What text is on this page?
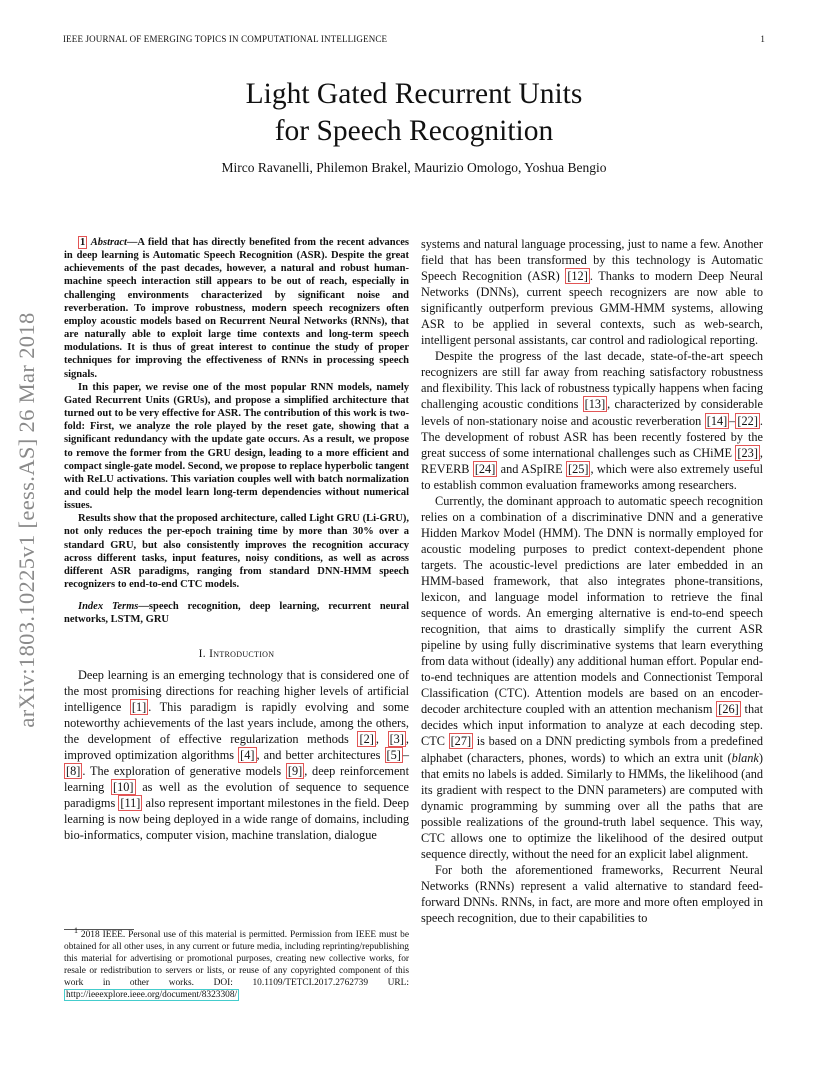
IEEE JOURNAL OF EMERGING TOPICS IN COMPUTATIONAL INTELLIGENCE	1
arXiv:1803.10225v1 [eess.AS] 26 Mar 2018
Light Gated Recurrent Units
for Speech Recognition
Mirco Ravanelli, Philemon Brakel, Maurizio Omologo, Yoshua Bengio

1 Abstract—A field that has directly benefited from the recent advances in deep learning is Automatic Speech Recognition (ASR). Despite the great achievements of the past decades, however, a natural and robust human-machine speech interaction still appears to be out of reach, especially in challenging environments characterized by significant noise and reverberation. To improve robustness, modern speech recognizers often employ acoustic models based on Recurrent Neural Networks (RNNs), that are naturally able to exploit large time contexts and long-term speech modulations. It is thus of great interest to continue the study of proper techniques for improving the effectiveness of RNNs in processing speech signals.

In this paper, we revise one of the most popular RNN models, namely Gated Recurrent Units (GRUs), and propose a simplified architecture that turned out to be very effective for ASR. The contribution of this work is two-fold: First, we analyze the role played by the reset gate, showing that a significant redundancy with the update gate occurs. As a result, we propose to remove the former from the GRU design, leading to a more efficient and compact single-gate model. Second, we propose to replace hyperbolic tangent with ReLU activations. This variation couples well with batch normalization and could help the model learn long-term dependencies without numerical issues.

Results show that the proposed architecture, called Light GRU (Li-GRU), not only reduces the per-epoch training time by more than 30% over a standard GRU, but also consistently improves the recognition accuracy across different tasks, input features, noisy conditions, as well as across different ASR paradigms, ranging from standard DNN-HMM speech recognizers to end-to-end CTC models.

Index Terms—speech recognition, deep learning, recurrent neural networks, LSTM, GRU

I. Introduction

Deep learning is an emerging technology that is considered one of the most promising directions for reaching higher levels of artificial intelligence [1] . This paradigm is rapidly evolving and some noteworthy achievements of the last years include, among the others, the development of effective regularization methods [2] , [3] , improved optimization algorithms [4] , and better architectures [5] –[8] . The exploration of generative models [9] , deep reinforcement learning [10] as well as the evolution of sequence to sequence paradigms [11] also represent important milestones in the field. Deep learning is now being deployed in a wide range of domains, including bio-informatics, computer vision, machine translation, dialogue

1 2018 IEEE. Personal use of this material is permitted. Permission from IEEE must be obtained for all other uses, in any current or future media, including reprinting/republishing this material for advertising or promotional purposes, creating new collective works, for resale or redistribution to servers or lists, or reuse of any copyrighted component of this work in other works. DOI: 10.1109/TETCI.2017.2762739 URL: http://ieeexplore.ieee.org/document/8323308/

systems and natural language processing, just to name a few. Another field that has been transformed by this technology is Automatic Speech Recognition (ASR) [12] . Thanks to modern Deep Neural Networks (DNNs), current speech recognizers are now able to significantly outperform previous GMM-HMM systems, allowing ASR to be applied in several contexts, such as web-search, intelligent personal assistants, car control and radiological reporting.

Despite the progress of the last decade, state-of-the-art speech recognizers are still far away from reaching satisfactory robustness and flexibility. This lack of robustness typically happens when facing challenging acoustic conditions [13] , characterized by considerable levels of non-stationary noise and acoustic reverberation [14] – [22] . The development of robust ASR has been recently fostered by the great success of some international challenges such as CHiME [23] , REVERB [24] and ASpIRE [25] , which were also extremely useful to establish common evaluation frameworks among researchers.

Currently, the dominant approach to automatic speech recognition relies on a combination of a discriminative DNN and a generative Hidden Markov Model (HMM). The DNN is normally employed for acoustic modeling purposes to predict context-dependent phone targets. The acoustic-level predictions are later embedded in an HMM-based framework, that also integrates phone-transitions, lexicon, and language model information to retrieve the final sequence of words. An emerging alternative is end-to-end speech recognition, that aims to drastically simplify the current ASR pipeline by using fully discriminative systems that learn everything from data without (ideally) any additional human effort. Popular end-to-end techniques are attention models and Connectionist Temporal Classification (CTC). Attention models are based on an encoder-decoder architecture coupled with an attention mechanism [26] that decides which input information to analyze at each decoding step. CTC [27] is based on a DNN predicting symbols from a predefined alphabet (characters, phones, words) to which an extra unit (blank) that emits no labels is added. Similarly to HMMs, the likelihood (and its gradient with respect to the DNN parameters) are computed with dynamic programming by summing over all the paths that are possible realizations of the ground-truth label sequence. This way, CTC allows one to optimize the likelihood of the desired output sequence directly, without the need for an explicit label alignment.

For both the aforementioned frameworks, Recurrent Neural Networks (RNNs) represent a valid alternative to standard feed-forward DNNs. RNNs, in fact, are more and more often employed in speech recognition, due to their capabilities to
